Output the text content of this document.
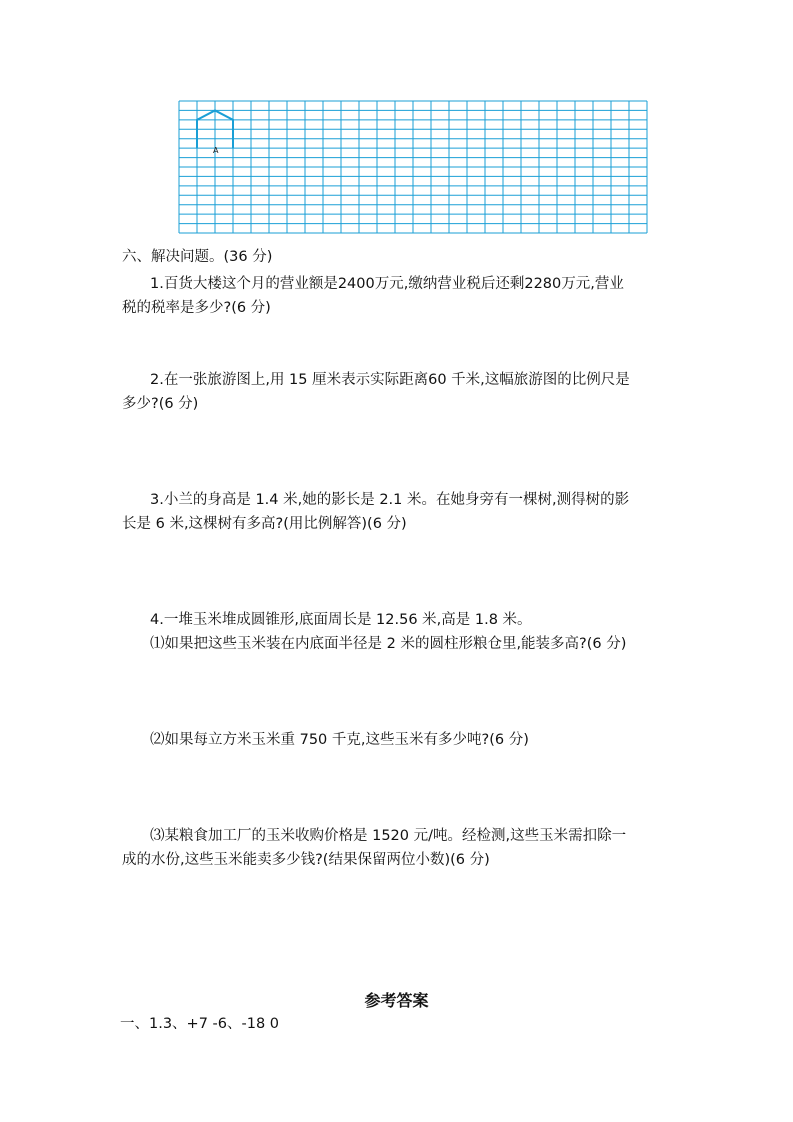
A
六、解决问题。(36 分)
1.百货大楼这个月的营业额是2400万元,缴纳营业税后还剩2280万元,营业
税的税率是多少?(6 分)
2.在一张旅游图上,用 15 厘米表示实际距离60 千米,这幅旅游图的比例尺是
多少?(6 分)
3.小兰的身高是 1.4 米,她的影长是 2.1 米。在她身旁有一棵树,测得树的影
长是 6 米,这棵树有多高?(用比例解答)(6 分)
4.一堆玉米堆成圆锥形,底面周长是 12.56 米,高是 1.8 米。
⑴如果把这些玉米装在内底面半径是 2 米的圆柱形粮仓里,能装多高?(6 分)
⑵如果每立方米玉米重 750 千克,这些玉米有多少吨?(6 分)
⑶某粮食加工厂的玉米收购价格是 1520 元/吨。经检测,这些玉米需扣除一
成的水份,这些玉米能卖多少钱?(结果保留两位小数)(6 分)
参考答案
一、1.3、+7 -6、-18 0
